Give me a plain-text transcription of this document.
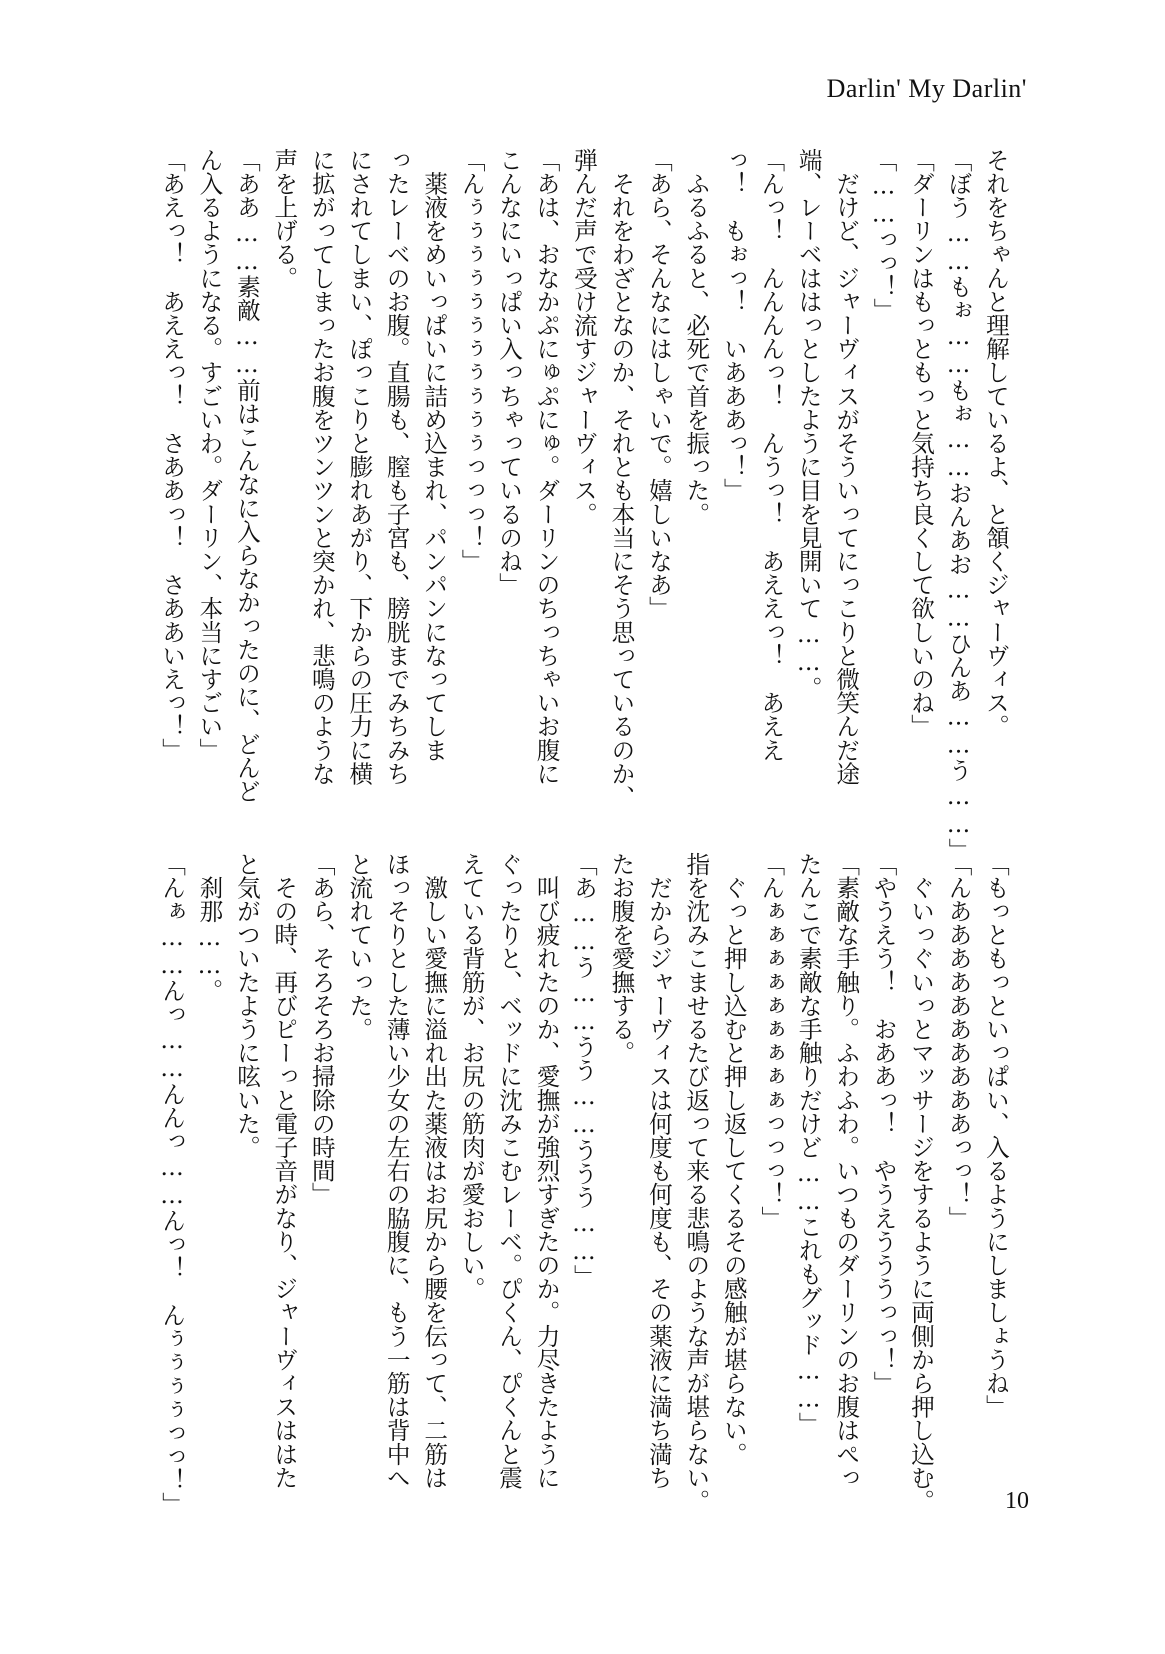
Darlin' My Darlin'
それをちゃんと理解しているよ、と頷くジャーヴィス。
「ぼう……もぉ……もぉ……おんあお……ひんあ……う……」
「ダーリンはもっともっと気持ち良くして欲しいのね」
「……っっ！」
　だけど、ジャーヴィスがそういってにっこりと微笑んだ途
端、レーベははっとしたように目を見開いて……。
「んっ！　んんんんっ！　んうっ！　あええっ！　あええ
っ！　もぉっ！　いあああっ！」
　ふるふると、必死で首を振った。
「あら、そんなにはしゃいで。嬉しいなあ」
　それをわざとなのか、それとも本当にそう思っているのか、
弾んだ声で受け流すジャーヴィス。
「あは、おなかぷにゅぷにゅ。ダーリンのちっちゃいお腹に
こんなにいっぱい入っちゃっているのね」
「んぅぅぅぅぅぅぅぅぅぅぅっっっ！」
　薬液をめいっぱいに詰め込まれ、パンパンになってしま
ったレーベのお腹。直腸も、膣も子宮も、膀胱までみちみち
にされてしまい、ぽっこりと膨れあがり、下からの圧力に横
に拡がってしまったお腹をツンツンと突かれ、悲鳴のような
声を上げる。
「ああ……素敵……前はこんなに入らなかったのに、どんど
ん入るようになる。すごいわ。ダーリン、本当にすごい」
「あえっ！　あええっ！　さああっ！　さああいえっ！」
「もっともっといっぱい、入るようにしましょうね」
「んああああああああああっっ！」
　ぐいっぐいっとマッサージをするように両側から押し込む。
「やうえう！　おああっ！　やうえうううっっ！」
「素敵な手触り。ふわふわ。いつものダーリンのお腹はぺっ
たんこで素敵な手触りだけど……これもグッド……」
「んぁぁぁぁぁぁぁぁぁっっっ！」
　ぐっと押し込むと押し返してくるその感触が堪らない。
指を沈みこませるたび返って来る悲鳴のような声が堪らない。
　だからジャーヴィスは何度も何度も、その薬液に満ち満ち
たお腹を愛撫する。
「あ……う……うう……ううう……」
　叫び疲れたのか、愛撫が強烈すぎたのか。力尽きたように
ぐったりと、ベッドに沈みこむレーベ。ぴくん、ぴくんと震
えている背筋が、お尻の筋肉が愛おしい。
　激しい愛撫に溢れ出た薬液はお尻から腰を伝って、二筋は
ほっそりとした薄い少女の左右の脇腹に、もう一筋は背中へ
と流れていった。
「あら、そろそろお掃除の時間」
　その時、再びピーっと電子音がなり、ジャーヴィスははた
と気がついたように呟いた。
　刹那……。
「んぁ……んっ……んんっ……んっ！　んぅぅぅぅっっ！」	10
